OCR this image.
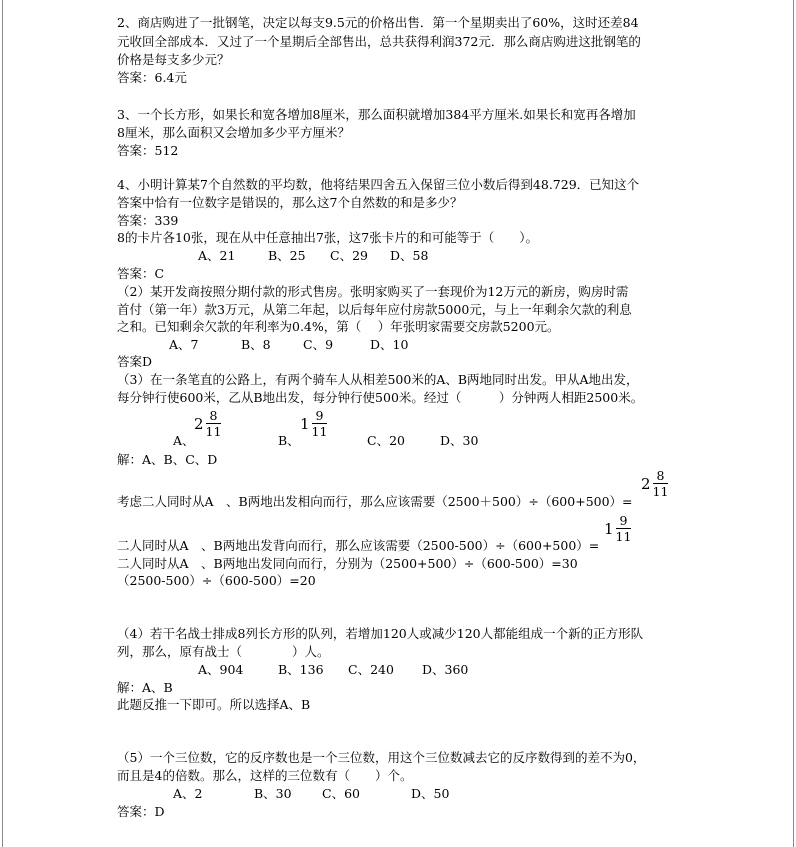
2、商店购进了一批钢笔，决定以每支9.5元的价格出售．第一个星期卖出了60%，这时还差84
元收回全部成本．又过了一个星期后全部售出，总共获得利润372元．那么商店购进这批钢笔的
价格是每支多少元？
答案：6.4元
3、一个长方形，如果长和宽各增加8厘米，那么面积就增加384平方厘米.如果长和宽再各增加
8厘米，那么面积又会增加多少平方厘米？
答案：512
4、小明计算某7个自然数的平均数，他将结果四舍五入保留三位小数后得到48.729．已知这个
答案中恰有一位数字是错误的，那么这7个自然数的和是多少？
答案：339
8的卡片各10张，现在从中任意抽出7张，这7张卡片的和可能等于（　　）。
A、21	B、25 C、29 D、58
答案：C
（2）某开发商按照分期付款的形式售房。张明家购买了一套现价为12万元的新房，购房时需
首付（第一年）款3万元，从第二年起，以后每年应付房款5000元，与上一年剩余欠款的利息
之和。已知剩余欠款的年利率为0.4%，第（　 ）年张明家需要交房款5200元。
A、7	B、8	C、9	D、10
答案D
（3）在一条笔直的公路上，有两个骑车人从相差500米的A、B两地同时出发。甲从A地出发，
每分钟行使600米，乙从B地出发，每分钟行使500米。经过（　　　）分钟两人相距2500米。
2 8
11	1 9
11
A、	B、	C、20	D、30
解：A、B、C、D
考虑二人同时从A　、B两地出发相向而行，那么应该需要（2500＋500）÷（600+500）=
2 8
11
1 9
11
二人同时从A　、B两地出发背向而行，那么应该需要（2500-500）÷（600+500）=
二人同时从A　、B两地出发同向而行，分别为（2500+500）÷（600-500）=30
（2500-500）÷（600-500）=20
（4）若干名战士排成8列长方形的队列，若增加120人或减少120人都能组成一个新的正方形队
列，那么，原有战士（　　　　）人。
A、904	B、136 C、240 D、360
解：A、B
此题反推一下即可。所以选择A、B
（5）一个三位数，它的反序数也是一个三位数，用这个三位数减去它的反序数得到的差不为0，
而且是4的倍数。那么，这样的三位数有（　　）个。
A、2	B、30 C、60	D、50
答案：D
